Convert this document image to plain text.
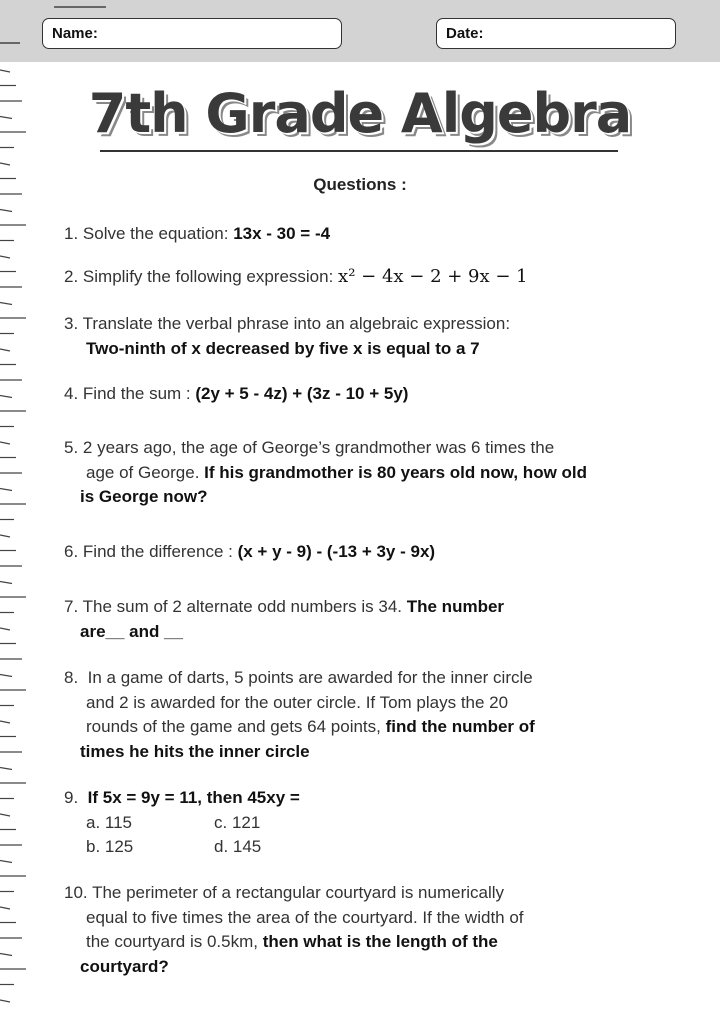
Name:	Date:
7th Grade Algebra
Questions :
1. Solve the equation: 13x - 30 = -4
2. Simplify the following expression: x² − 4x − 2 + 9x − 1
3. Translate the verbal phrase into an algebraic expression:
Two-ninth of x decreased by five x is equal to a 7
4. Find the sum : (2y + 5 - 4z) + (3z - 10 + 5y)
5. 2 years ago, the age of George’s grandmother was 6 times the
age of George. If his grandmother is 80 years old now, how old
is George now?
6. Find the difference : (x + y - 9) - (-13 + 3y - 9x)
7. The sum of 2 alternate odd numbers is 34. The number
are__ and __
8. In a game of darts, 5 points are awarded for the inner circle
and 2 is awarded for the outer circle. If Tom plays the 20
rounds of the game and gets 64 points, find the number of
times he hits the inner circle
9. If 5x = 9y = 11, then 45xy =
a. 115	c. 121
b. 125	d. 145
10. The perimeter of a rectangular courtyard is numerically
equal to five times the area of the courtyard. If the width of
the courtyard is 0.5km, then what is the length of the
courtyard?
